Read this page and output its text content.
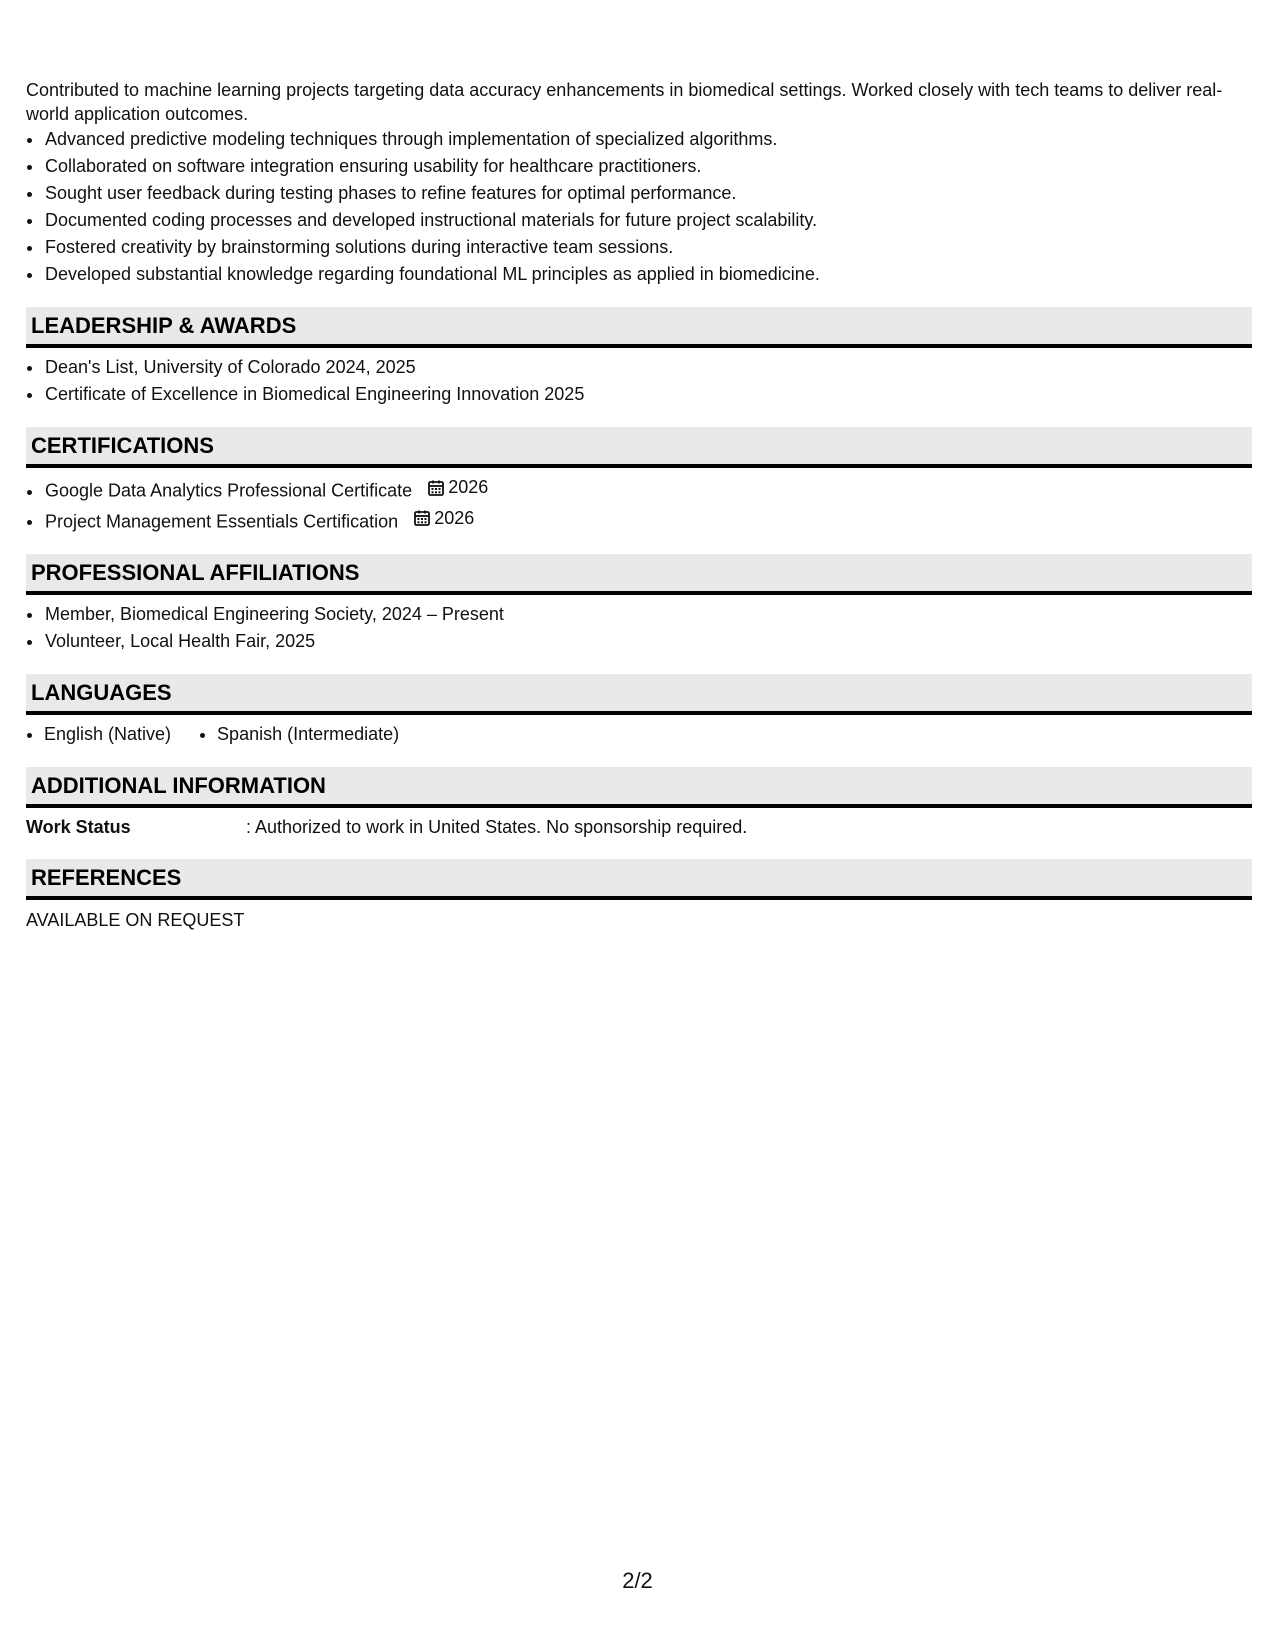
Contributed to machine learning projects targeting data accuracy enhancements in biomedical settings. Worked closely with tech teams to deliver real-world application outcomes.

• Advanced predictive modeling techniques through implementation of specialized algorithms.
• Collaborated on software integration ensuring usability for healthcare practitioners.
• Sought user feedback during testing phases to refine features for optimal performance.
• Documented coding processes and developed instructional materials for future project scalability.
• Fostered creativity by brainstorming solutions during interactive team sessions.
• Developed substantial knowledge regarding foundational ML principles as applied in biomedicine.
LEADERSHIP & AWARDS
• Dean's List, University of Colorado 2024, 2025
• Certificate of Excellence in Biomedical Engineering Innovation 2025
CERTIFICATIONS
• Google Data Analytics Professional Certificate 2026
• Project Management Essentials Certification 2026
PROFESSIONAL AFFILIATIONS
• Member, Biomedical Engineering Society, 2024 – Present
• Volunteer, Local Health Fair, 2025
LANGUAGES
• English (Native)
•	Spanish (Intermediate)
ADDITIONAL INFORMATION
Work Status	: Authorized to work in United States. No sponsorship required.
REFERENCES
AVAILABLE ON REQUEST
2/2
